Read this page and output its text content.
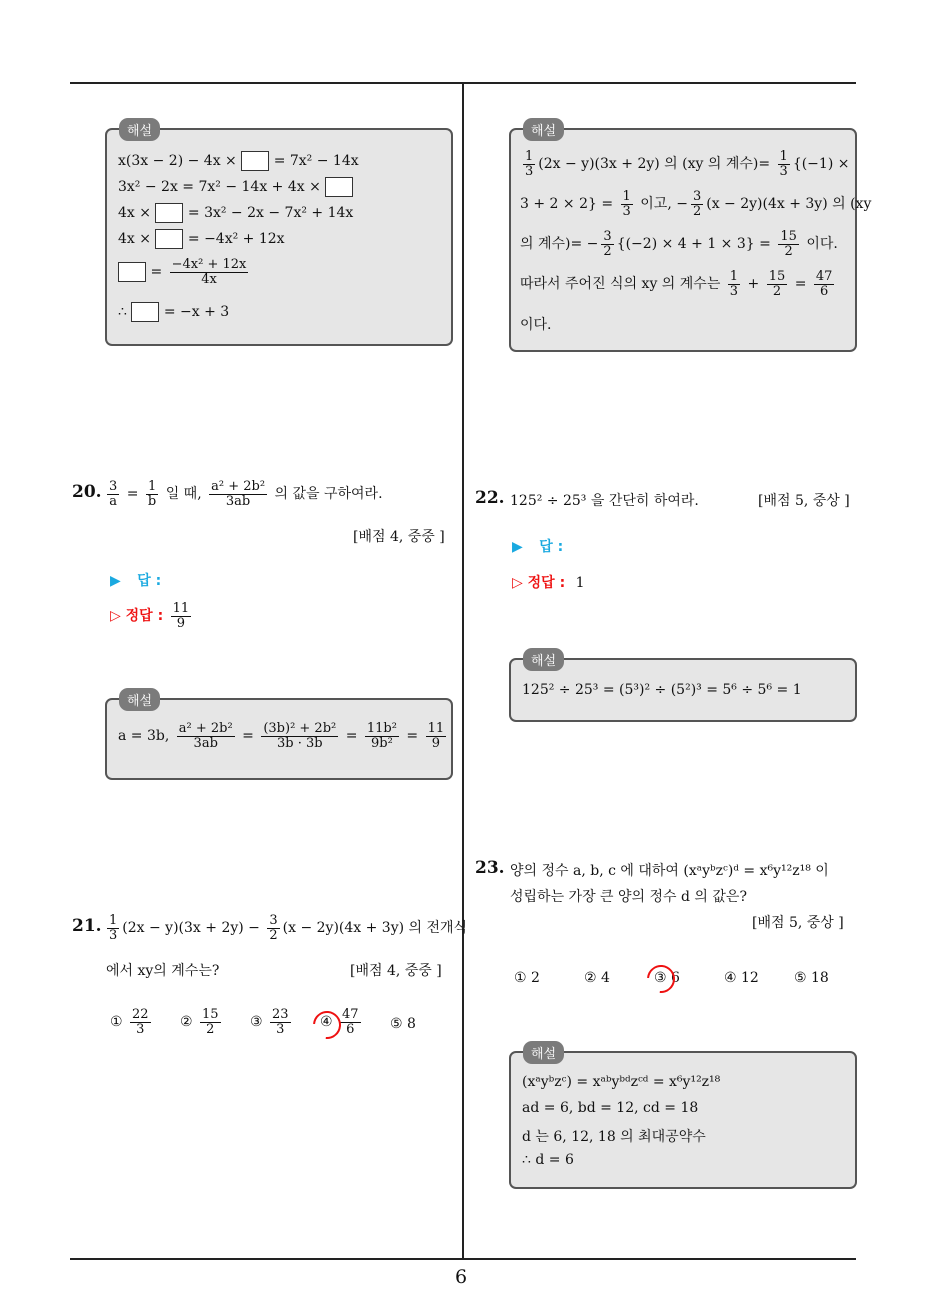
6
해설
x(3x − 2) − 4x ×	= 7x² − 14x
3x² − 2x = 7x² − 14x + 4x ×
4x ×	= 3x² − 2x − 7x² + 14x
4x ×	= −4x² + 12x
= $\frac{\text{−4x² + 12x}}{4x}$
∴	= −x + 3
20. $\frac{3}{a} = \frac{1}{b}$ 일 때, $\frac{\text{a² + 2b²}}{3ab}$ 의 값을 구하여라.
[배점 4, 중중 ]
▶ 답 :
▷ 정답 : $\frac{11}{9}$
해설
a = 3b, $\frac{\text{a² + 2b²}}{3ab} = \frac{\text{(3b)² + 2b²}}{3b \cdot 3b} = \frac{\text{11b²}}{\text{9b²}} = \frac{11}{9}$
21. $\frac{1}{3} (2x - y)(3x + 2y) - \frac{3}{2} (x - 2y)(4x + 3y)$ 의 전개식
에서 xy의 계수는?	[배점 4, 중중 ]
① $\frac{22}{3}$ ② $\frac{15}{2}$ ③ $\frac{23}{3}$ ④ $\frac{47}{6}$ ⑤ 8
해설
$\frac{1}{3} (2x - y)(3x + 2y)$ 의 (xy 의 계수)= $\frac{1}{3} \{(-1)$ ×
$3 + 2 \times 2\} = \frac{1}{3}$ 이고, − $\frac{3}{2} (x - 2y)(4x + 3y)$ 의 (xy
의 계수)= − $\frac{3}{2} \{(-2) \times 4 + 1 \times 3\} = \frac{15}{2}$ 이다.
따라서 주어진 식의 xy 의 계수는 $\frac{1}{3} + \frac{15}{2} = \frac{47}{6}$
이다.
22. 125² ÷ 25³ 을 간단히 하여라.	[배점 5, 중상 ]
▶ 답 :
▷ 정답 : 1
해설
125² ÷ 25³ = (5³)² ÷ (5²)³ = 5⁶ ÷ 5⁶ = 1
23. 양의 정수 a, b, c 에 대하여 (xᵃyᵇzᶜ)ᵈ = x⁶y¹²z¹⁸ 이
성립하는 가장 큰 양의 정수 d 의 값은?
[배점 5, 중상 ]
① 2	② 4	③ 6	④ 12	⑤ 18
해설
(xᵃyᵇzᶜ) = xᵃᵇyᵇᵈzᶜᵈ = x⁶y¹²z¹⁸
ad = 6, bd = 12, cd = 18
d 는 6, 12, 18 의 최대공약수
∴ d = 6
